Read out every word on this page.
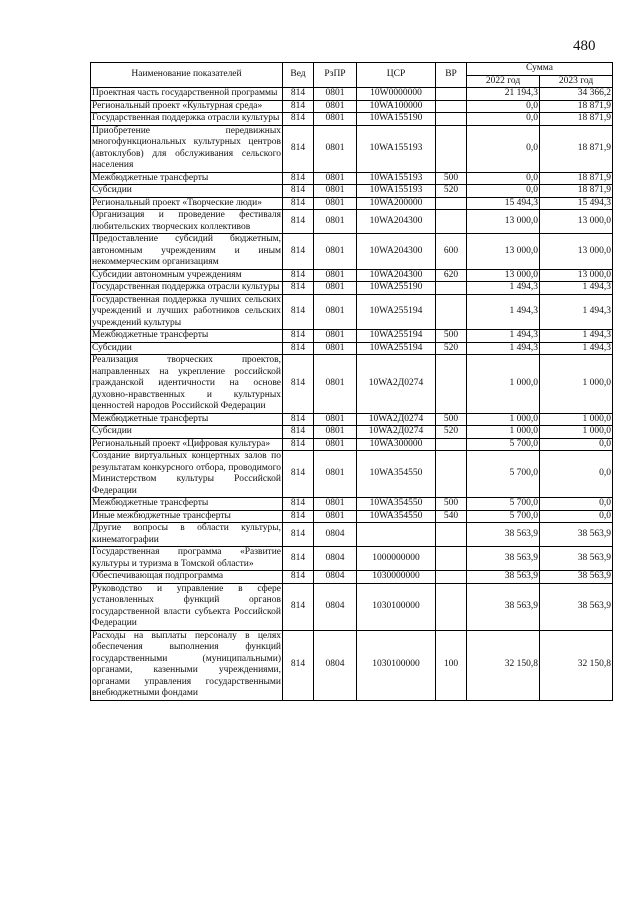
480
Наименование показателей	Вед	РзПР	ЦСР	ВР	Сумма	
					2022 год	2023 год
Проектная часть государственной программы	814	0801	10W0000000		21 194,3	34 366,2
Региональный проект «Культурная среда»	814	0801	10WA100000		0,0	18 871,9
Государственная поддержка отрасли культуры	814	0801	10WA155190		0,0	18 871,9
Приобретение передвижных многофункциональных культурных центров (автоклубов) для обслуживания сельского населения	814	0801	10WA155193		0,0	18 871,9
Межбюджетные трансферты	814	0801	10WA155193	500	0,0	18 871,9
Субсидии	814	0801	10WA155193	520	0,0	18 871,9
Региональный проект «Творческие люди»	814	0801	10WA200000		15 494,3	15 494,3
Организация и проведение фестиваля любительских творческих коллективов	814	0801	10WA204300		13 000,0	13 000,0
Предоставление субсидий бюджетным, автономным учреждениям и иным некоммерческим организациям	814	0801	10WA204300	600	13 000,0	13 000,0
Субсидии автономным учреждениям	814	0801	10WA204300	620	13 000,0	13 000,0
Государственная поддержка отрасли культуры	814	0801	10WA255190		1 494,3	1 494,3
Государственная поддержка лучших сельских учреждений и лучших работников сельских учреждений культуры	814	0801	10WA255194		1 494,3	1 494,3
Межбюджетные трансферты	814	0801	10WA255194	500	1 494,3	1 494,3
Субсидии	814	0801	10WA255194	520	1 494,3	1 494,3
Реализация творческих проектов, направленных на укрепление российской гражданской идентичности на основе духовно-нравственных и культурных ценностей народов Российской Федерации	814	0801	10WA2Д0274		1 000,0	1 000,0
Межбюджетные трансферты	814	0801	10WA2Д0274	500	1 000,0	1 000,0
Субсидии	814	0801	10WA2Д0274	520	1 000,0	1 000,0
Региональный проект «Цифровая культура»	814	0801	10WA300000		5 700,0	0,0
Создание виртуальных концертных залов по результатам конкурсного отбора, проводимого Министерством культуры Российской Федерации	814	0801	10WA354550		5 700,0	0,0
Межбюджетные трансферты	814	0801	10WA354550	500	5 700,0	0,0
Иные межбюджетные трансферты	814	0801	10WA354550	540	5 700,0	0,0
Другие вопросы в области культуры, кинематографии	814	0804			38 563,9	38 563,9
Государственная программа «Развитие культуры и туризма в Томской области»	814	0804	1000000000		38 563,9	38 563,9
Обеспечивающая подпрограмма	814	0804	1030000000		38 563,9	38 563,9
Руководство и управление в сфере установленных функций органов государственной власти субъекта Российской Федерации	814	0804	1030100000		38 563,9	38 563,9
Расходы на выплаты персоналу в целях обеспечения выполнения функций государственными (муниципальными) органами, казенными учреждениями, органами управления государственными внебюджетными фондами	814	0804	1030100000	100	32 150,8	32 150,8
